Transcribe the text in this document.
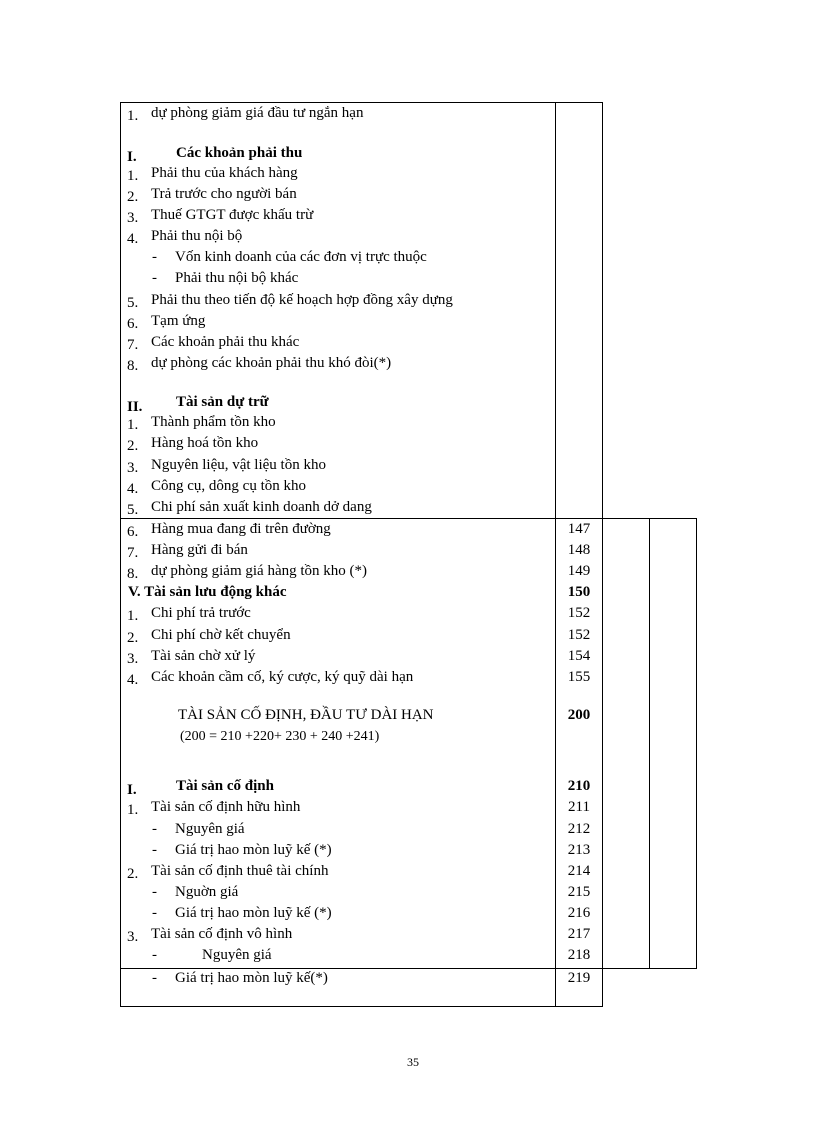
1. dự phòng giảm giá đầu tư ngắn hạn
I.	Các khoản phải thu
1. Phải thu của khách hàng
2. Trả trước cho người bán
3. Thuế GTGT được khấu trừ
4. Phải thu nội bộ
- Vốn kinh doanh của các đơn vị trực thuộc
- Phải thu nội bộ khác
5. Phải thu theo tiến độ kế hoạch hợp đồng xây dựng
6. Tạm ứng
7. Các khoản phải thu khác
8. dự phòng các khoản phải thu khó đòi(*)
II.	Tài sản dự trữ
1. Thành phẩm tồn kho
2. Hàng hoá tồn kho
3. Nguyên liệu, vật liệu tồn kho
4. Công cụ, dông cụ tồn kho
5. Chi phí sản xuất kinh doanh dở dang
6. Hàng mua đang đi trên đường	147
7. Hàng gửi đi bán	148
8. dự phòng giảm giá hàng tồn kho (*)	149
V. Tài sản lưu động khác	150
1. Chi phí trả trước	152
2. Chi phí chờ kết chuyển	152
3. Tài sản chờ xử lý	154
4. Các khoản cầm cố, ký cược, ký quỹ dài hạn	155
TÀI SẢN CỐ ĐỊNH, ĐẦU TƯ DÀI HẠN	200
(200 = 210 +220+ 230 + 240 +241)
I.	Tài sản cố định	210
1. Tài sản cố định hữu hình	211
- Nguyên giá	212
- Giá trị hao mòn luỹ kế (*)	213
2. Tài sản cố định thuê tài chính	214
- Nguờn giá	215
- Giá trị hao mòn luỹ kế (*)	216
3. Tài sản cố định vô hình	217
-	Nguyên giá	218
- Giá trị hao mòn luỹ kế(*)	219
35
